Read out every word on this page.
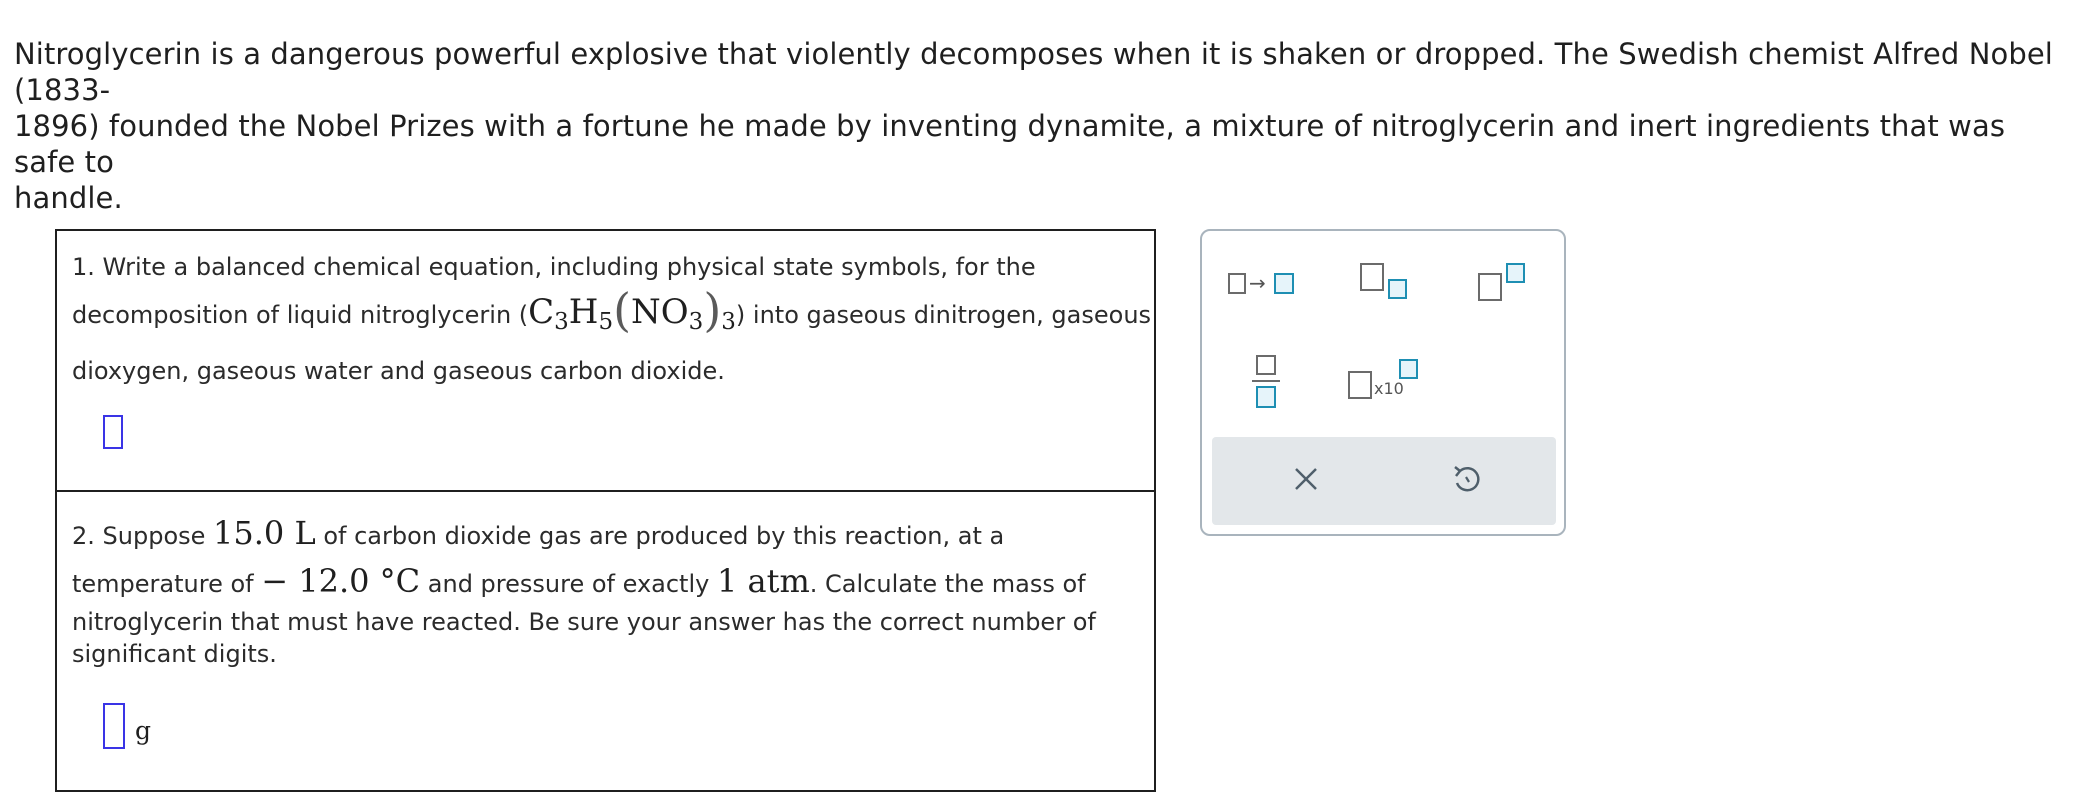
Nitroglycerin is a dangerous powerful explosive that violently decomposes when it is shaken or dropped. The Swedish chemist Alfred Nobel (1833-
1896) founded the Nobel Prizes with a fortune he made by inventing dynamite, a mixture of nitroglycerin and inert ingredients that was safe to
handle.
1. Write a balanced chemical equation, including physical state symbols, for the
decomposition of liquid nitroglycerin $(C_3H_5(NO_3)_3)$ into gaseous dinitrogen, gaseous
dioxygen, gaseous water and gaseous carbon dioxide.
2. Suppose 15.0 L of carbon dioxide gas are produced by this reaction, at a
temperature of − 12.0 °C and pressure of exactly 1 atm. Calculate the mass of
nitroglycerin that must have reacted. Be sure your answer has the correct number of
significant digits.
g
→
x10
